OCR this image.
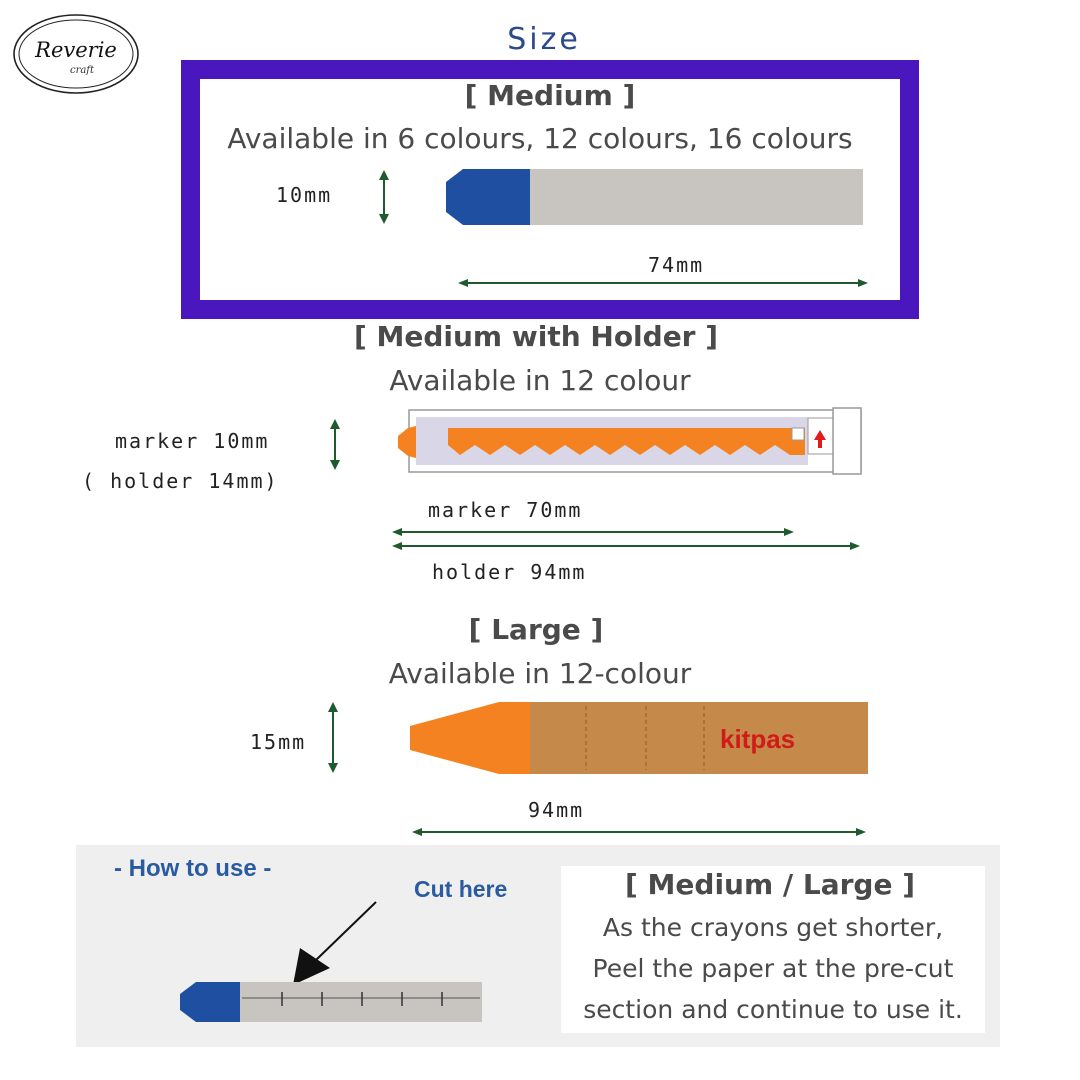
Reverie
craft
Size
[ Medium ]
Available in 6 colours, 12 colours, 16 colours
10mm
74mm
[ Medium with Holder ]
Available in 12 colour
marker 10mm
( holder 14mm)
marker 70mm
holder 94mm
[ Large ]
Available in 12-colour
15mm	kitpas
94mm
- How to use -
Cut here	[ Medium / Large ]
As the crayons get shorter,
Peel the paper at the pre-cut
section and continue to use it.
